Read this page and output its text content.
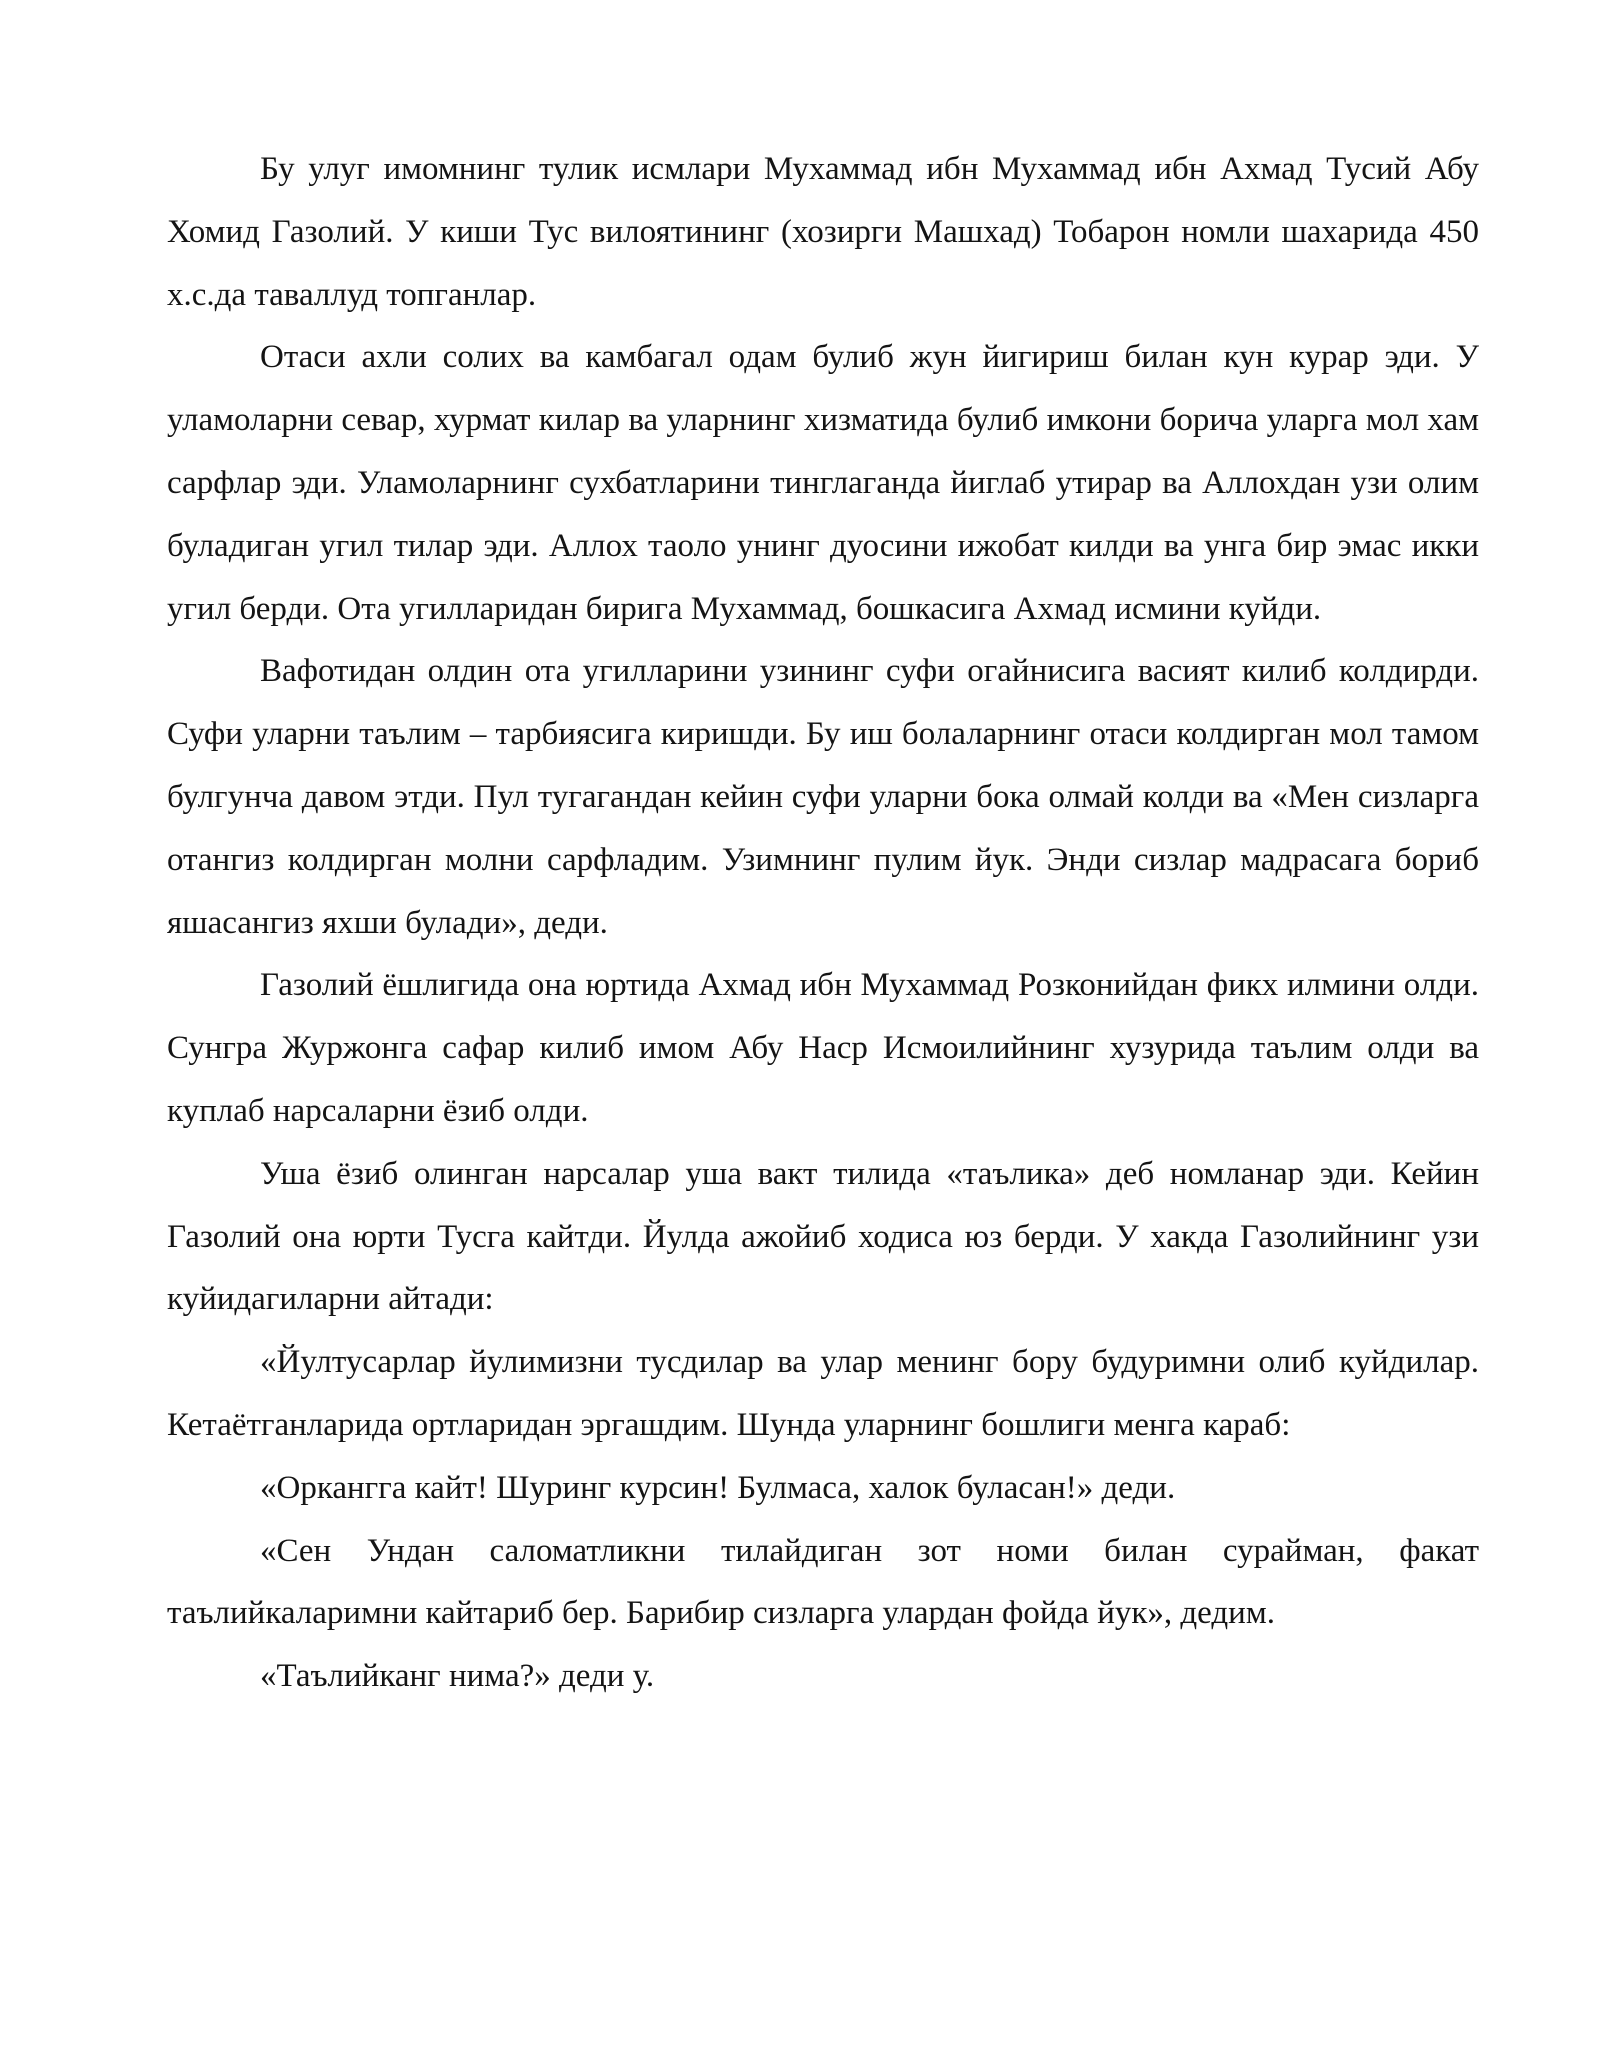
Бу улуг имомнинг тулик исмлари Мухаммад ибн Мухаммад ибн Ахмад Тусий Абу Хомид Газолий. У киши Тус вилоятининг (хозирги Машхад) Тобарон номли шахарида 450 х.с.да таваллуд топганлар.

Отаси ахли солих ва камбагал одам булиб жун йигириш билан кун курар эди. У уламоларни севар, хурмат килар ва уларнинг хизматида булиб имкони борича уларга мол хам сарфлар эди. Уламоларнинг сухбатларини тинглаганда йиглаб утирар ва Аллохдан узи олим буладиган угил тилар эди. Аллох таоло унинг дуосини ижобат килди ва унга бир эмас икки угил берди. Ота угилларидан бирига Мухаммад, бошкасига Ахмад исмини куйди.

Вафотидан олдин ота угилларини узининг суфи огайнисига васият килиб колдирди. Суфи уларни таълим – тарбиясига киришди. Бу иш болаларнинг отаси колдирган мол тамом булгунча давом этди. Пул тугагандан кейин суфи уларни бока олмай колди ва «Мен сизларга отангиз колдирган молни сарфладим. Узимнинг пулим йук. Энди сизлар мадрасага бориб яшасангиз яхши булади», деди.

Газолий ёшлигида она юртида Ахмад ибн Мухаммад Розконийдан фикх илмини олди. Сунгра Журжонга сафар килиб имом Абу Наср Исмоилийнинг хузурида таълим олди ва куплаб нарсаларни ёзиб олди.

Уша ёзиб олинган нарсалар уша вакт тилида «таълика» деб номланар эди. Кейин Газолий она юрти Тусга кайтди. Йулда ажойиб ходиса юз берди. У хакда Газолийнинг узи куйидагиларни айтади:

«Йултусарлар йулимизни тусдилар ва улар менинг бору будуримни олиб куйдилар. Кетаётганларида ортларидан эргашдим. Шунда уларнинг бошлиги менга караб:

«Оркангга кайт! Шуринг курсин! Булмаса, халок буласан!» деди.

«Сен Ундан саломатликни тилайдиган зот номи билан сурайман, факат таълийкаларимни кайтариб бер. Барибир сизларга улардан фойда йук», дедим.

«Таълийканг нима?» деди у.
